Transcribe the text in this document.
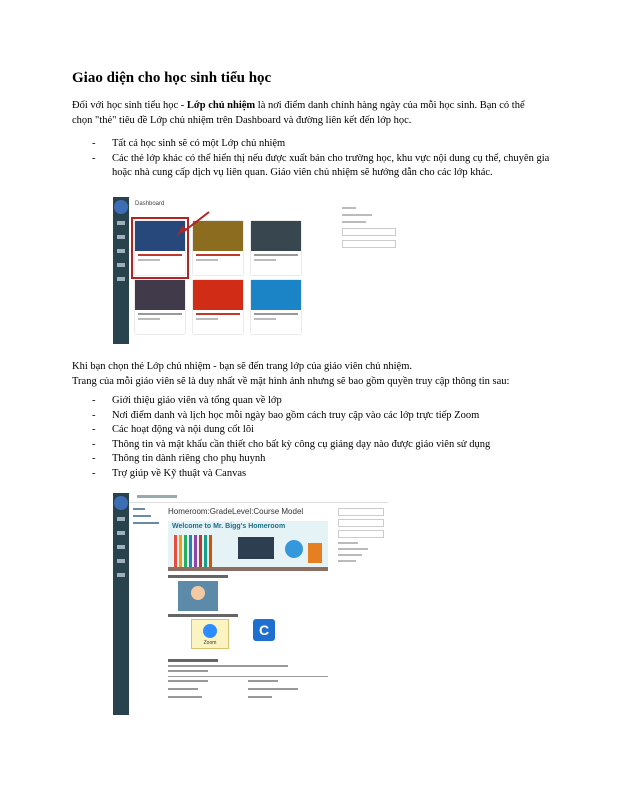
Giao diện cho học sinh tiểu học
Đối với học sinh tiểu học - Lớp chủ nhiệm là nơi điểm danh chính hàng ngày của mỗi học sinh. Bạn có thể
chọn "thẻ" tiêu đề Lớp chủ nhiệm trên Dashboard và đường liên kết đến lớp học.
- Tất cả học sinh sẽ có một Lớp chủ nhiệm
- Các thẻ lớp khác có thể hiển thị nếu được xuất bản cho trường học, khu vực nội dung cụ thể, chuyên gia hoặc nhà cung cấp dịch vụ liên quan. Giáo viên chủ nhiệm sẽ hướng dẫn cho các lớp khác.
Dashboard
Khi bạn chọn thẻ Lớp chủ nhiệm - bạn sẽ đến trang lớp của giáo viên chủ nhiệm.
Trang của mỗi giáo viên sẽ là duy nhất về mặt hình ảnh nhưng sẽ bao gồm quyền truy cập thông tin sau:
- Giới thiệu giáo viên và tổng quan về lớp
- Nơi điểm danh và lịch học mỗi ngày bao gồm cách truy cập vào các lớp trực tiếp Zoom
- Các hoạt động và nội dung cốt lõi
- Thông tin và mật khẩu cần thiết cho bất kỳ công cụ giảng dạy nào được giáo viên sử dụng
- Thông tin dành riêng cho phụ huynh
- Trợ giúp về Kỹ thuật và Canvas
Homeroom:GradeLevel:Course Model
Welcome to Mr. Bigg's Homeroom
Zoom
C
